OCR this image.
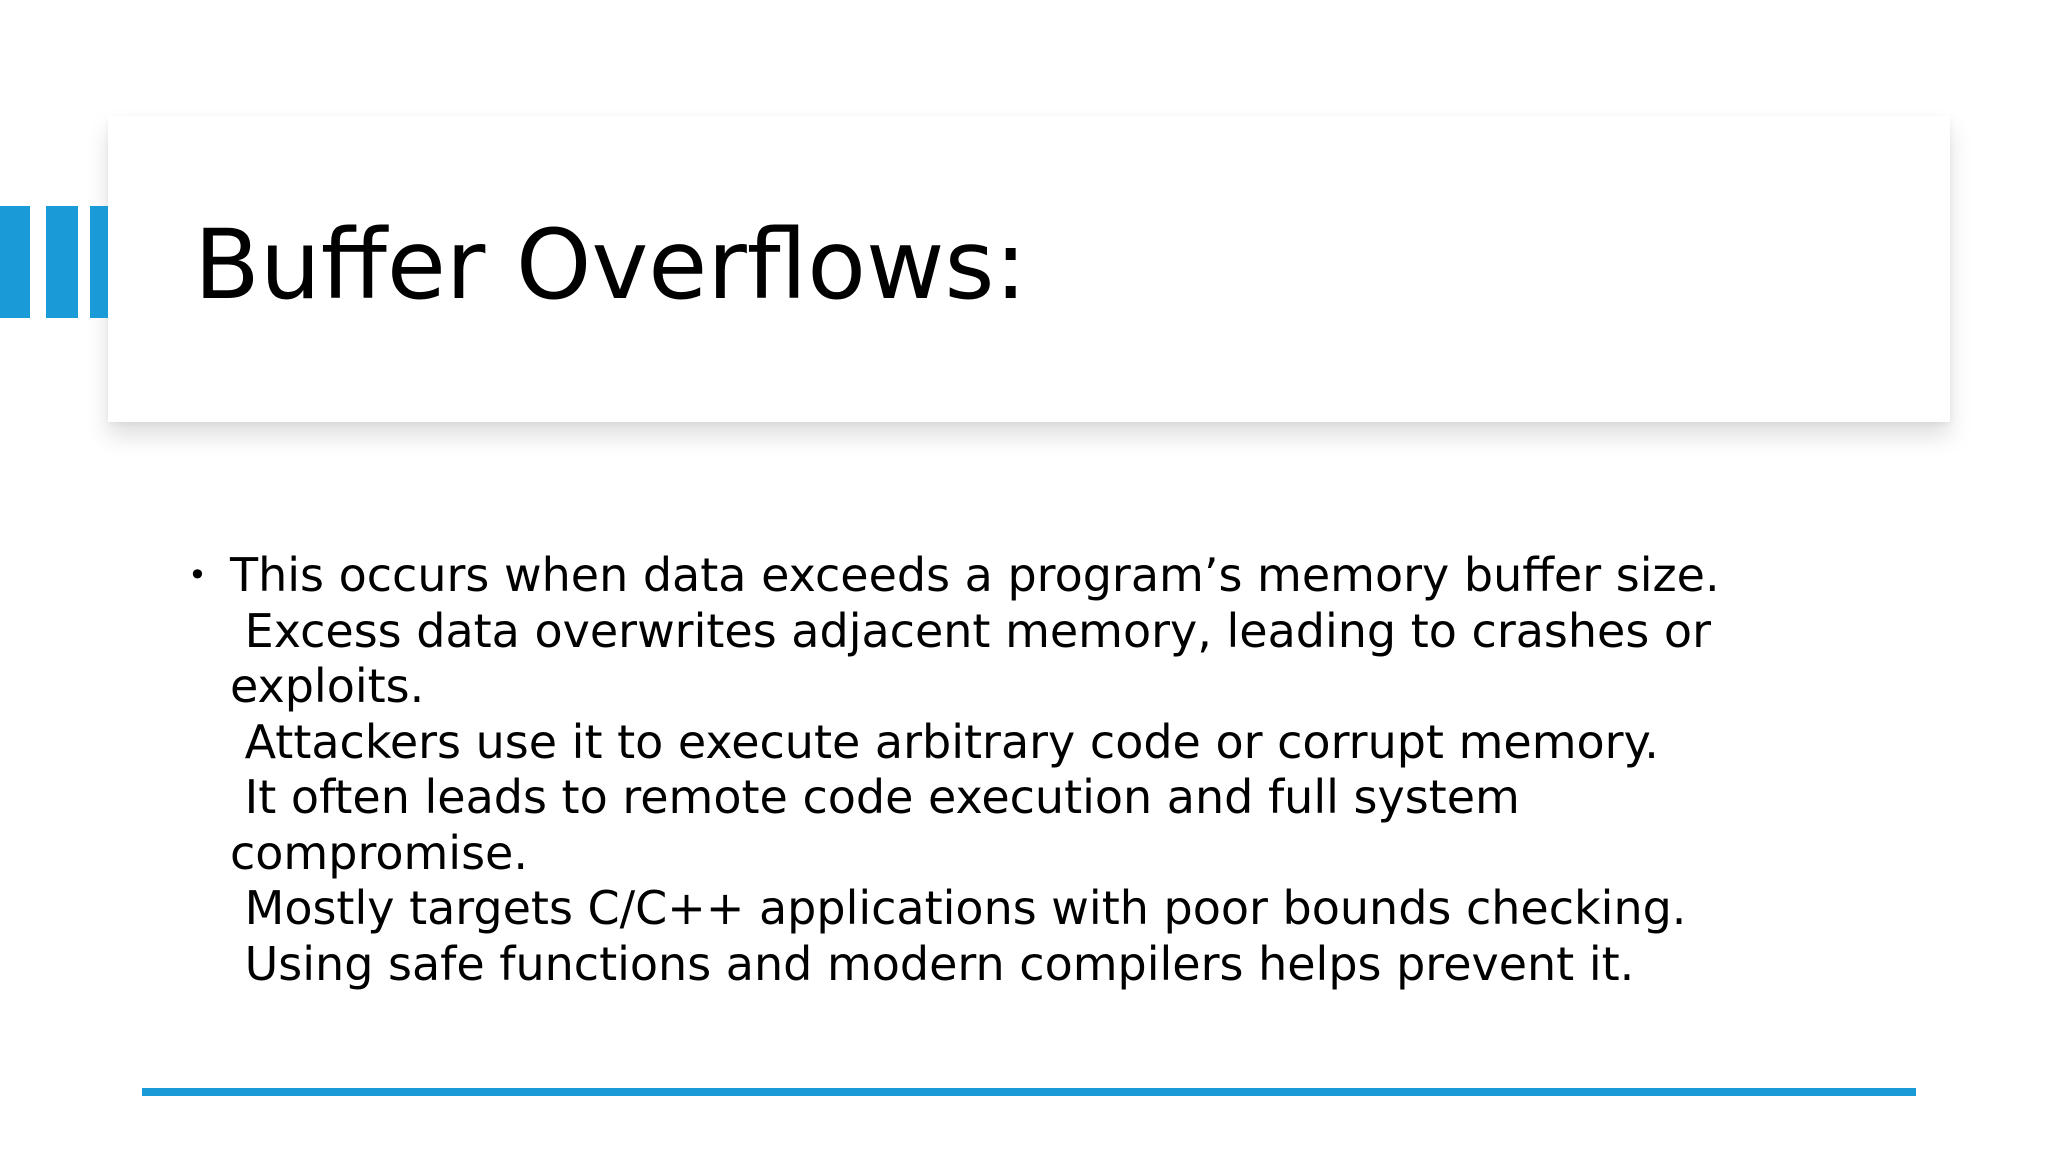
Buffer Overflows:
• This occurs when data exceeds a program’s memory buffer size.
Excess data overwrites adjacent memory, leading to crashes or exploits.
Attackers use it to execute arbitrary code or corrupt memory.
It often leads to remote code execution and full system compromise.
Mostly targets C/C++ applications with poor bounds checking.
Using safe functions and modern compilers helps prevent it.
